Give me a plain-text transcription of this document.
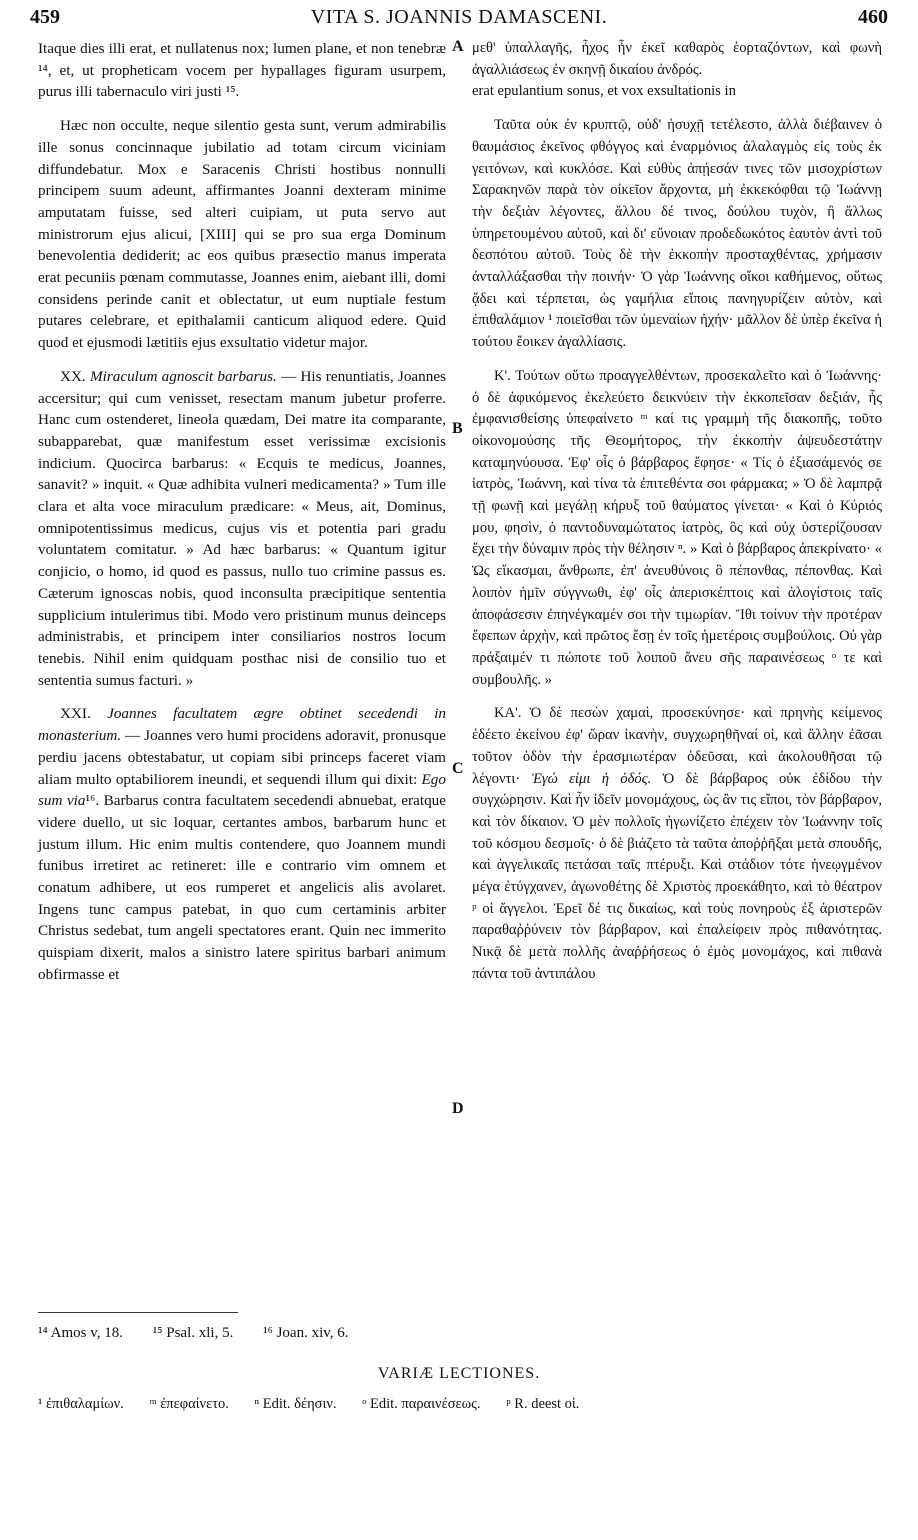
459	VITA S. JOANNIS DAMASCENI.	460

Itaque dies illi erat, et nullatenus nox; lumen plane, et non tenebræ ¹⁴, et, ut propheticam vocem per hypallages figuram usurpem, purus illi tabernaculo viri justi ¹⁵.

Hæc non occulte, neque silentio gesta sunt, verum admirabilis ille sonus concinnaque jubilatio ad totam circum viciniam diffundebatur. Mox e Saracenis Christi hostibus nonnulli principem suum adeunt, affirmantes Joanni dexteram minime amputatam fuisse, sed alteri cuipiam, ut puta servo aut ministrorum ejus alicui, [XIII] qui se pro sua erga Dominum benevolentia dediderit; ac eos quibus præsectio manus imperata erat pecuniis pœnam commutasse, Joannes enim, aiebant illi, domi considens perinde canit et oblectatur, ut eum nuptiale festum putares celebrare, et epithalamii canticum aliquod edere. Quid quod et ejusmodi lætitiis ejus exsultatio videtur major.

XX. Miraculum agnoscit barbarus. — His renuntiatis, Joannes accersitur; qui cum venisset, resectam manum jubetur proferre. Hanc cum ostenderet, lineola quædam, Dei matre ita comparante, subapparebat, quæ manifestum esset verissimæ excisionis indicium. Quocirca barbarus: « Ecquis te medicus, Joannes, sanavit? » inquit. « Quæ adhibita vulneri medicamenta? » Tum ille clara et alta voce miraculum prædicare: « Meus, ait, Dominus, omnipotentissimus medicus, cujus vis et potentia pari gradu voluntatem comitatur. » Ad hæc barbarus: « Quantum igitur conjicio, o homo, id quod es passus, nullo tuo crimine passus es. Cæterum ignoscas nobis, quod inconsulta præcipitique sententia supplicium intulerimus tibi. Modo vero pristinum munus deinceps administrabis, et principem inter consiliarios nostros locum tenebis. Nihil enim quidquam posthac nisi de consilio tuo et sententia sumus facturi. »

XXI. Joannes facultatem ægre obtinet secedendi in monasterium. — Joannes vero humi procidens adoravit, pronusque perdiu jacens obtestabatur, ut copiam sibi princeps faceret viam aliam multo optabiliorem ineundi, et sequendi illum qui dixit: Ego sum via¹⁶. Barbarus contra facultatem secedendi abnuebat, eratque videre duello, ut sic loquar, certantes ambos, barbarum hunc et justum illum. Hic enim multis contendere, quo Joannem mundi funibus irretiret ac retineret: ille e contrario vim omnem et conatum adhibere, ut eos rumperet et angelicis alis avolaret. Ingens tunc campus patebat, in quo cum certaminis arbiter Christus sedebat, tum angeli spectatores erant. Quin nec immerito quispiam dixerit, malos a sinistro latere spiritus barbari animum obfirmasse et

A
B
C
D

μεθ' ὑπαλλαγῆς, ἦχος ἦν ἐκεῖ καθαρὸς ἑορταζόντων, καὶ φωνὴ ἀγαλλιάσεως ἐν σκηνῇ δικαίου ἀνδρός.

erat epulantium sonus, et vox exsultationis in

Ταῦτα οὐκ ἐν κρυπτῷ, οὐδ' ἡσυχῇ τετέλεστο, ἀλλὰ διέβαινεν ὁ θαυμάσιος ἐκεῖνος φθόγγος καὶ ἐναρμόνιος ἀλαλαγμὸς εἰς τοὺς ἐκ γειτόνων, καὶ κυκλόσε. Καὶ εὐθὺς ἀπῄεσάν τινες τῶν μισοχρίστων Σαρακηνῶν παρὰ τὸν οἰκεῖον ἄρχοντα, μὴ ἐκκεκόφθαι τῷ Ἰωάννῃ τὴν δεξιὰν λέγοντες, ἄλλου δέ τινος, δούλου τυχὸν, ἢ ἄλλως ὑπηρετουμένου αὐτοῦ, καὶ δι' εὔνοιαν προδεδωκότος ἑαυτὸν ἀντὶ τοῦ δεσπότου αὐτοῦ. Τοὺς δὲ τὴν ἐκκοπὴν προσταχθέντας, χρήμασιν ἀνταλλάξασθαι τὴν ποινήν· Ὁ γὰρ Ἰωάννης οἴκοι καθήμενος, οὕτως ᾄδει καὶ τέρπεται, ὡς γαμήλια εἴποις πανηγυρίζειν αὐτὸν, καὶ ἐπιθαλάμιον ¹ ποιεῖσθαι τῶν ὑμεναίων ἠχήν· μᾶλλον δὲ ὑπὲρ ἐκεῖνα ἡ τούτου ἔοικεν ἀγαλλίασις.

Κ'. Τούτων οὕτω προαγγελθέντων, προσεκαλεῖτο καὶ ὁ Ἰωάννης· ὁ δὲ ἀφικόμενος ἐκελεύετο δεικνύειν τὴν ἐκκοπεῖσαν δεξιάν, ἧς ἐμφανισθείσης ὑπεφαίνετο ᵐ καί τις γραμμὴ τῆς διακοπῆς, τοῦτο οἰκονομούσης τῆς Θεομήτορος, τὴν ἐκκοπὴν ἀψευδεστάτην καταμηνύουσα. Ἐφ' οἷς ὁ βάρβαρος ἔφησε· « Τίς ὁ ἐξιασάμενός σε ἰατρὸς, Ἰωάννη, καὶ τίνα τὰ ἐπιτεθέντα σοι φάρμακα; » Ὁ δὲ λαμπρᾷ τῇ φωνῇ καὶ μεγάλῃ κήρυξ τοῦ θαύματος γίνεται· « Καὶ ὁ Κύριός μου, φησὶν, ὁ παντοδυναμώτατος ἰατρὸς, ὃς καὶ οὐχ ὑστερίζουσαν ἔχει τὴν δύναμιν πρὸς τὴν θέλησιν ⁿ. » Καὶ ὁ βάρβαρος ἀπεκρίνατο· « Ὡς εἴκασμαι, ἄνθρωπε, ἐπ' ἀνευθύνοις ὃ πέπονθας, πέπονθας. Καὶ λοιπὸν ἡμῖν σύγγνωθι, ἐφ' οἷς ἀπερισκέπτοις καὶ ἀλογίστοις ταῖς ἀποφάσεσιν ἐπηνέγκαμέν σοι τὴν τιμωρίαν. Ἴθι τοίνυν τὴν προτέραν ἔφεπων ἀρχὴν, καὶ πρῶτος ἔσῃ ἐν τοῖς ἡμετέροις συμβούλοις. Οὐ γὰρ πράξαιμέν τι πώποτε τοῦ λοιποῦ ἄνευ σῆς παραινέσεως ᵒ τε καὶ συμβουλῆς. »

ΚΑ'. Ὁ δὲ πεσὼν χαμαὶ, προσεκύνησε· καὶ πρηνὴς κείμενος ἐδέετο ἐκείνου ἐφ' ὥραν ἱκανὴν, συγχωρηθῆναί οἱ, καὶ ἄλλην ἐᾶσαι τοῦτον ὁδὸν τὴν ἐρασμιωτέραν ὁδεῦσαι, καὶ ἀκολουθῆσαι τῷ λέγοντι· Ἐγώ εἰμι ἡ ὁδός. Ὁ δὲ βάρβαρος οὐκ ἐδίδου τὴν συγχώρησιν. Καὶ ἦν ἰδεῖν μονομάχους, ὡς ἂν τις εἴποι, τὸν βάρβαρον, καὶ τὸν δίκαιον. Ὁ μὲν πολλοῖς ἠγωνίζετο ἐπέχειν τὸν Ἰωάννην τοῖς τοῦ κόσμου δεσμοῖς· ὁ δὲ βιάζετο τὰ ταῦτα ἀποῤῥῆξαι μετὰ σπουδῆς, καὶ ἀγγελικαῖς πετάσαι ταῖς πτέρυξι. Καὶ στάδιον τότε ἡνεῳγμένον μέγα ἐτύγχανεν, ἀγωνοθέτης δὲ Χριστὸς προεκάθητο, καὶ τὸ θέατρον ᵖ οἱ ἄγγελοι. Ἐρεῖ δέ τις δικαίως, καὶ τοὺς πονηροὺς ἐξ ἀριστερῶν παραθαῤῥύνειν τὸν βάρβαρον, καὶ ἐπαλείφειν πρὸς πιθανότητας. Νικᾷ δὲ μετὰ πολλῆς ἀναῤῥήσεως ὁ ἐμὸς μονομάχος, καὶ πιθανὰ πάντα τοῦ ἀντιπάλου

¹⁴ Amos v, 18. ¹⁵ Psal. xli, 5. ¹⁶ Joan. xiv, 6.
VARIÆ LECTIONES.
¹ ἐπιθαλαμίων. ᵐ ἐπεφαίνετο. ⁿ Edit. δέησιν. ᵒ Edit. παραινέσεως. ᵖ R. deest οἱ.
